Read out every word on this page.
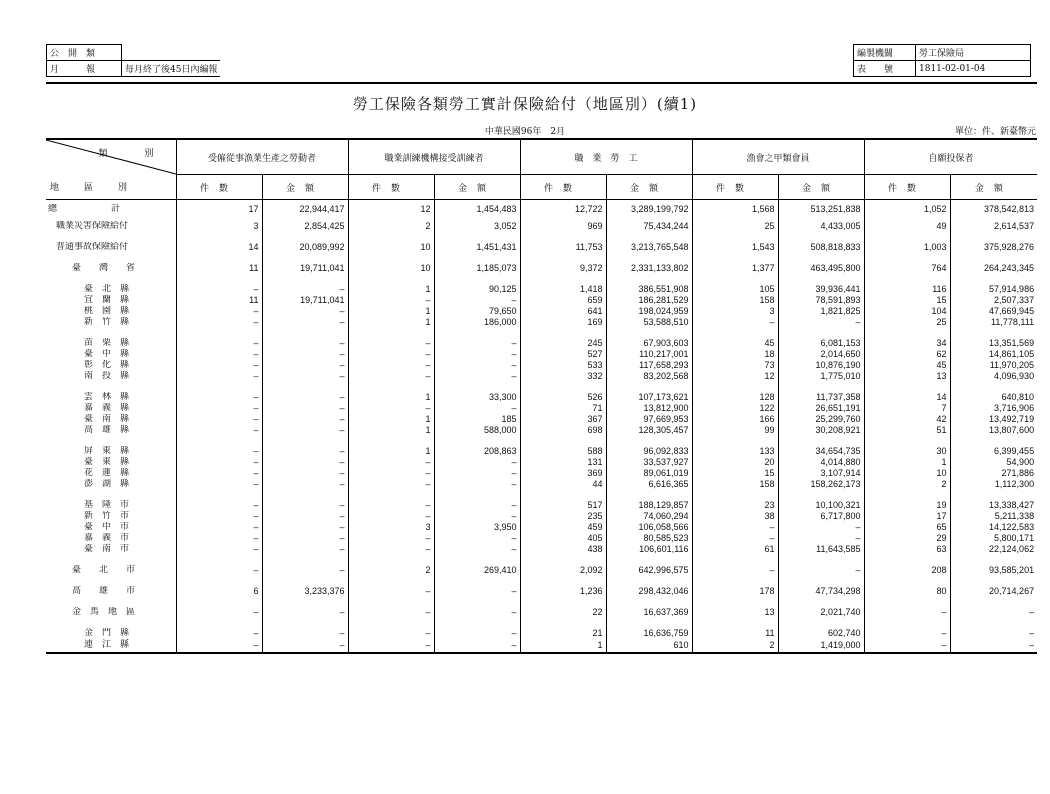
公　開　類	
月　　　報	每月終了後45日內編報
編製機關	勞工保險局
表　　號	1811-02-01-04
勞工保險各類勞工實計保險給付（地區別）(續1)
中華民國96年　2月	單位：件、新臺幣元
類　別
地　區　別	受僱從事漁業生產之勞動者		職業訓練機構接受訓練者		職　業　勞　工		漁會之甲類會員		自願投保者	
	件數	金額	件數	金額	件數	金額	件數	金額	件數	金額

總　　　　　　計	17	22,944,417	12	1,454,483	12,722	3,289,199,792	1,568	513,251,838	1,052	378,542,813

職業災害保險給付	3	2,854,425	2	3,052	969	75,434,244	25	4,433,005	49	2,614,537

普通事故保險給付	14	20,089,992	10	1,451,431	11,753	3,213,765,548	1,543	508,818,833	1,003	375,928,276

臺　　灣　　省	11	19,711,041	10	1,185,073	9,372	2,331,133,802	1,377	463,495,800	764	264,243,345

臺　北　縣	–	–	1	90,125	1,418	386,551,908	105	39,936,441	116	57,914,986
宜　蘭　縣	11	19,711,041	–	–	659	186,281,529	158	78,591,893	15	2,507,337
桃　園　縣	–	–	1	79,650	641	198,024,959	3	1,821,825	104	47,669,945
新　竹　縣	–	–	1	186,000	169	53,588,510	–	–	25	11,778,111

苗　栗　縣	–	–	–	–	245	67,903,603	45	6,081,153	34	13,351,569
臺　中　縣	–	–	–	–	527	110,217,001	18	2,014,650	62	14,861,105
彰　化　縣	–	–	–	–	533	117,658,293	73	10,876,190	45	11,970,205
南　投　縣	–	–	–	–	332	83,202,568	12	1,775,010	13	4,096,930

雲　林　縣	–	–	1	33,300	526	107,173,621	128	11,737,358	14	640,810
嘉　義　縣	–	–	–	–	71	13,812,900	122	26,651,191	7	3,716,906
臺　南　縣	–	–	1	185	367	97,669,953	166	25,299,760	42	13,492,719
高　雄　縣	–	–	1	588,000	698	128,305,457	99	30,208,921	51	13,807,600

屏　東　縣	–	–	1	208,863	588	96,092,833	133	34,654,735	30	6,399,455
臺　東　縣	–	–	–	–	131	33,537,927	20	4,014,880	1	54,900
花　蓮　縣	–	–	–	–	369	89,061,019	15	3,107,914	10	271,886
澎　湖　縣	–	–	–	–	44	6,616,365	158	158,262,173	2	1,112,300

基　隆　市	–	–	–	–	517	188,129,857	23	10,100,321	19	13,338,427
新　竹　市	–	–	–	–	235	74,060,294	38	6,717,800	17	5,211,338
臺　中　市	–	–	3	3,950	459	106,058,566	–	–	65	14,122,583
嘉　義　市	–	–	–	–	405	80,585,523	–	–	29	5,800,171
臺　南　市	–	–	–	–	438	106,601,116	61	11,643,585	63	22,124,062

臺　　北　　市	–	–	2	269,410	2,092	642,996,575	–	–	208	93,585,201

高　　雄　　市	6	3,233,376	–	–	1,236	298,432,046	178	47,734,298	80	20,714,267

金　馬　地　區	–	–	–	–	22	16,637,369	13	2,021,740	–	–

金　門　縣	–	–	–	–	21	16,636,759	11	602,740	–	–
連　江　縣	–	–	–	–	1	610	2	1,419,000	–	–
